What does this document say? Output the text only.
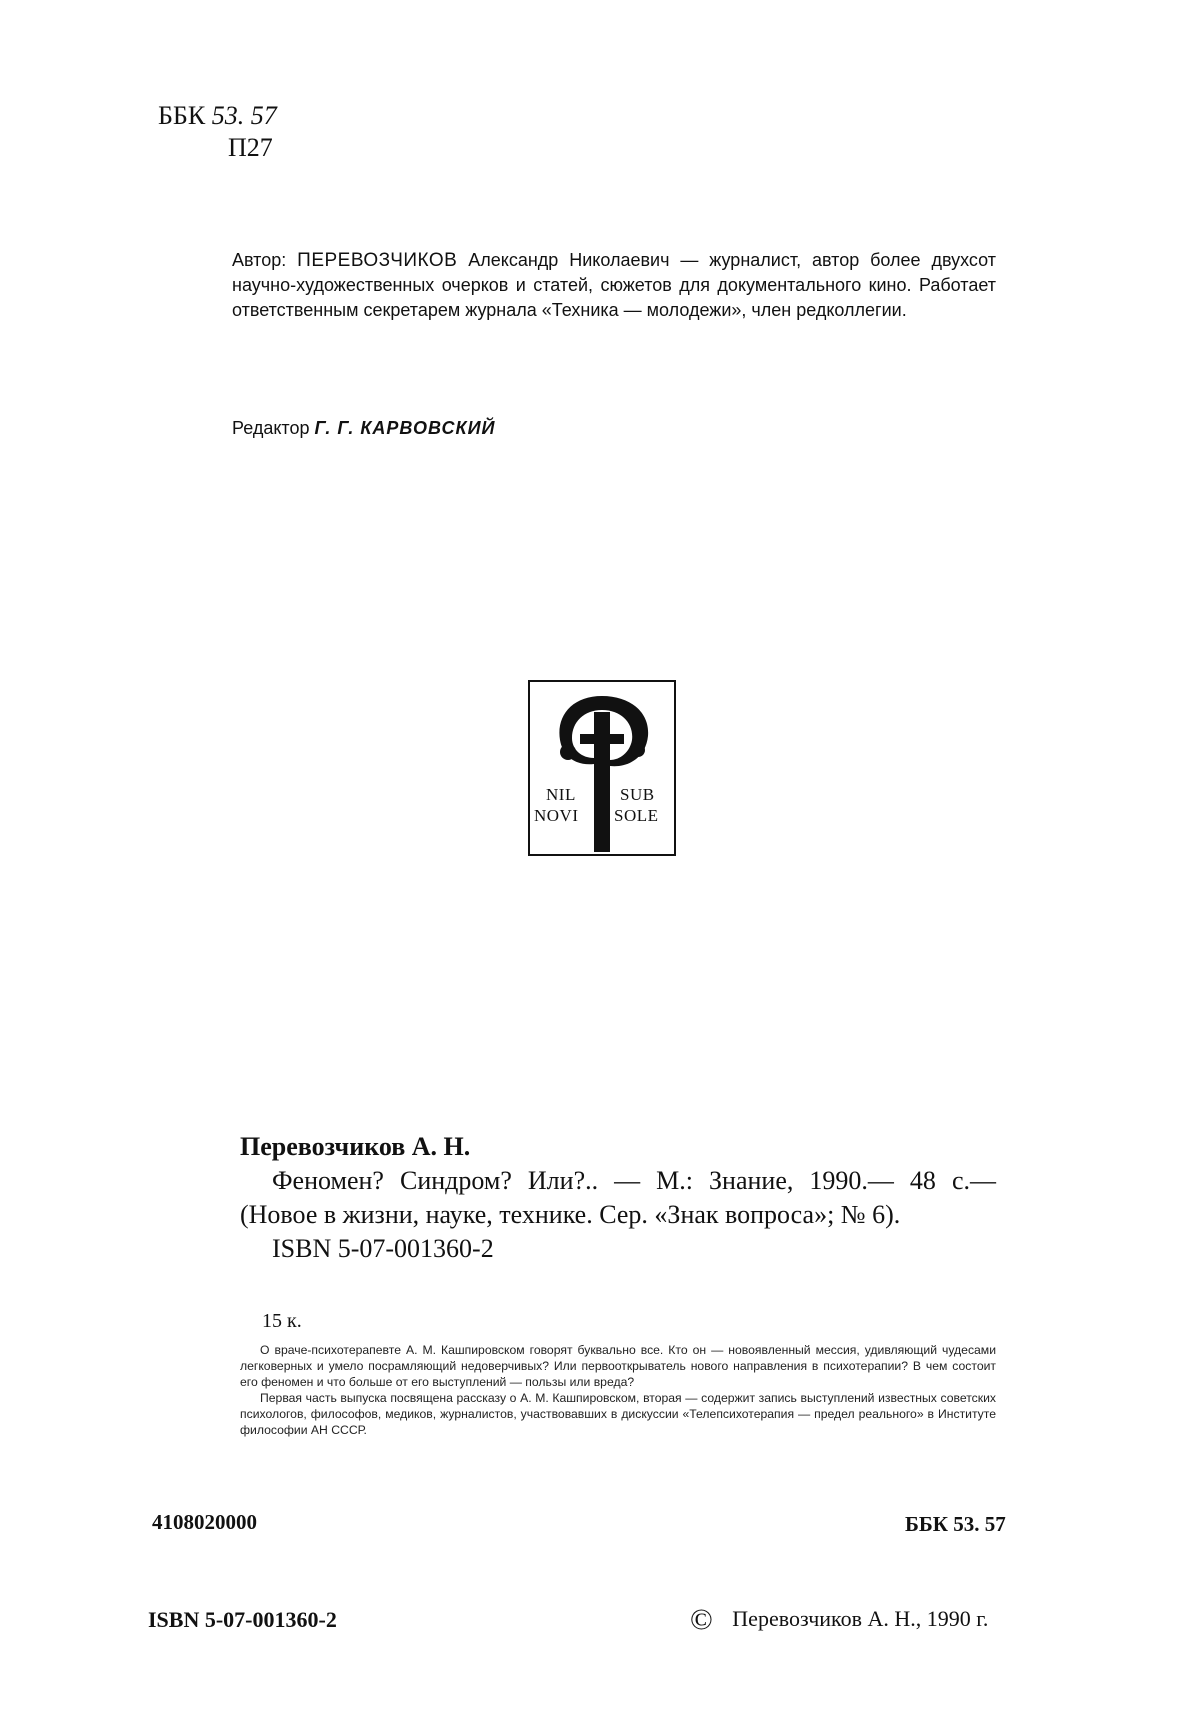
ББК 53. 57
П27
Автор: ПЕРЕВОЗЧИКОВ Александр Николаевич — журналист, автор более двухсот научно-художественных очерков и статей, сюжетов для документального кино. Работает ответственным секретарем журнала «Техника — молодежи», член редколлегии.
Редактор Г. Г. КАРВОВСКИЙ
NIL	SUB
NOVI SOLE
Перевозчиков А. Н.
Феномен? Синдром? Или?.. — М.: Знание, 1990.— 48 с.— (Новое в жизни, науке, технике. Сер. «Знак вопроса»; № 6).
ISBN 5-07-001360-2
15 к.

О враче-психотерапевте А. М. Кашпировском говорят буквально все. Кто он — новоявленный мессия, удивляющий чудесами легковерных и умело посрамляющий недоверчивых? Или первооткрыватель нового направления в психотерапии? В чем состоит его феномен и что больше от его выступлений — пользы или вреда?

Первая часть выпуска посвящена рассказу о А. М. Кашпировском, вторая — содержит запись выступлений известных советских психологов, философов, медиков, журналистов, участвовавших в дискуссии «Телепсихотерапия — предел реального» в Институте философии АН СССР.

4108020000	ББК 53. 57
ISBN 5-07-001360-2	© Перевозчиков А. Н., 1990 г.
